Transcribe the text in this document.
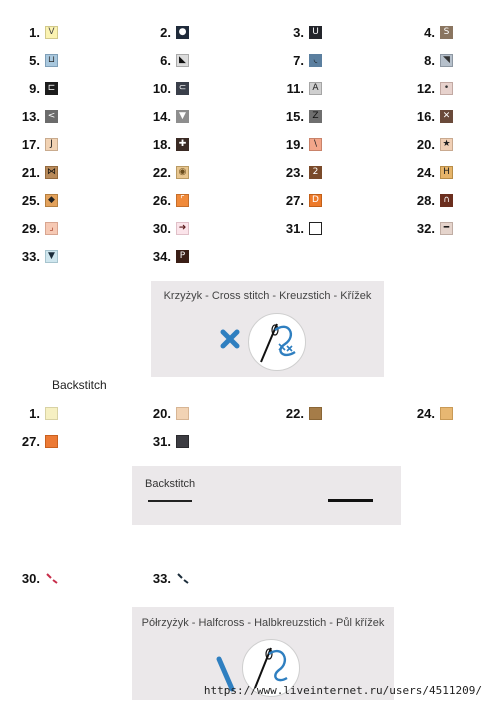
1. V	2. ●	3. U	4. S
5. ⊔	6. ◣	7.	◟	8. ◥
9. ⊏	10. ⊂	11. A	12. •
13. <	14. ▼	15. Z	16. ✕
17.	J	18. ✚	19.	\	20. ★
21. ⋈	22. ◉	23. 2	24. H
25. ◆	26.	⌜	27. D	28. ∩
29.	⌟	30. ➜	31.	32. ━
33. ▼	34. P
Krzyżyk - Cross stitch - Kreuzstich - Křížek
Backstitch
1.	20.	22.	24.
27.	31.
Backstitch
30.	33.
Półrzyżyk - Halfcross - Halbkreuzstich - Půl křížek
https://www.liveinternet.ru/users/4511209/
